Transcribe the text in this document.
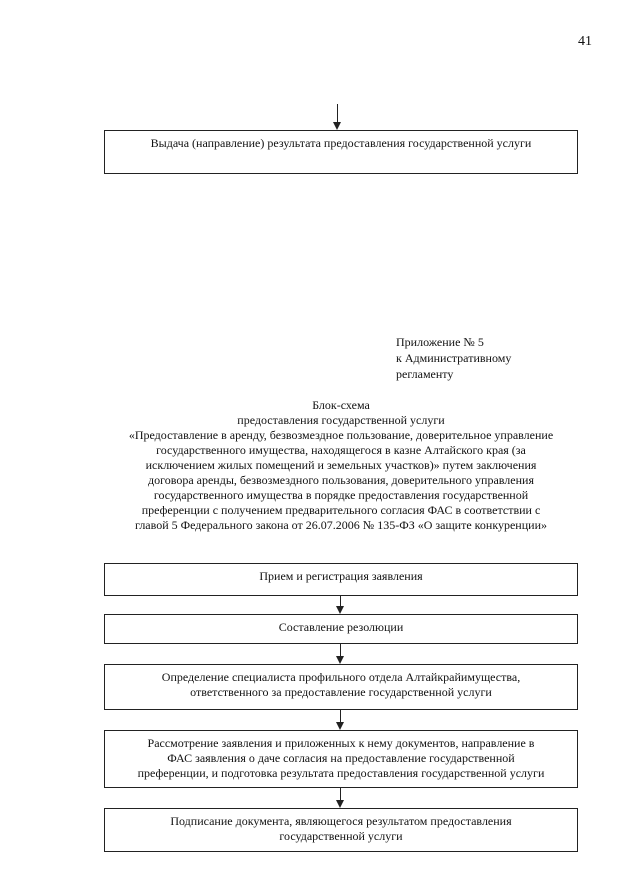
41
Выдача (направление) результата предоставления государственной услуги
Приложение № 5
к Административному
регламенту
Блок-схема
предоставления государственной услуги
«Предоставление в аренду, безвозмездное пользование, доверительное управление
государственного имущества, находящегося в казне Алтайского края (за
исключением жилых помещений и земельных участков)» путем заключения
договора аренды, безвозмездного пользования, доверительного управления
государственного имущества в порядке предоставления государственной
преференции с получением предварительного согласия ФАС в соответствии с
главой 5 Федерального закона от 26.07.2006 № 135-ФЗ «О защите конкуренции»
Прием и регистрация заявления
Составление резолюции
Определение специалиста профильного отдела Алтайкрайимущества,
ответственного за предоставление государственной услуги
Рассмотрение заявления и приложенных к нему документов, направление в
ФАС заявления о даче согласия на предоставление государственной
преференции, и подготовка результата предоставления государственной услуги
Подписание документа, являющегося результатом предоставления
государственной услуги
